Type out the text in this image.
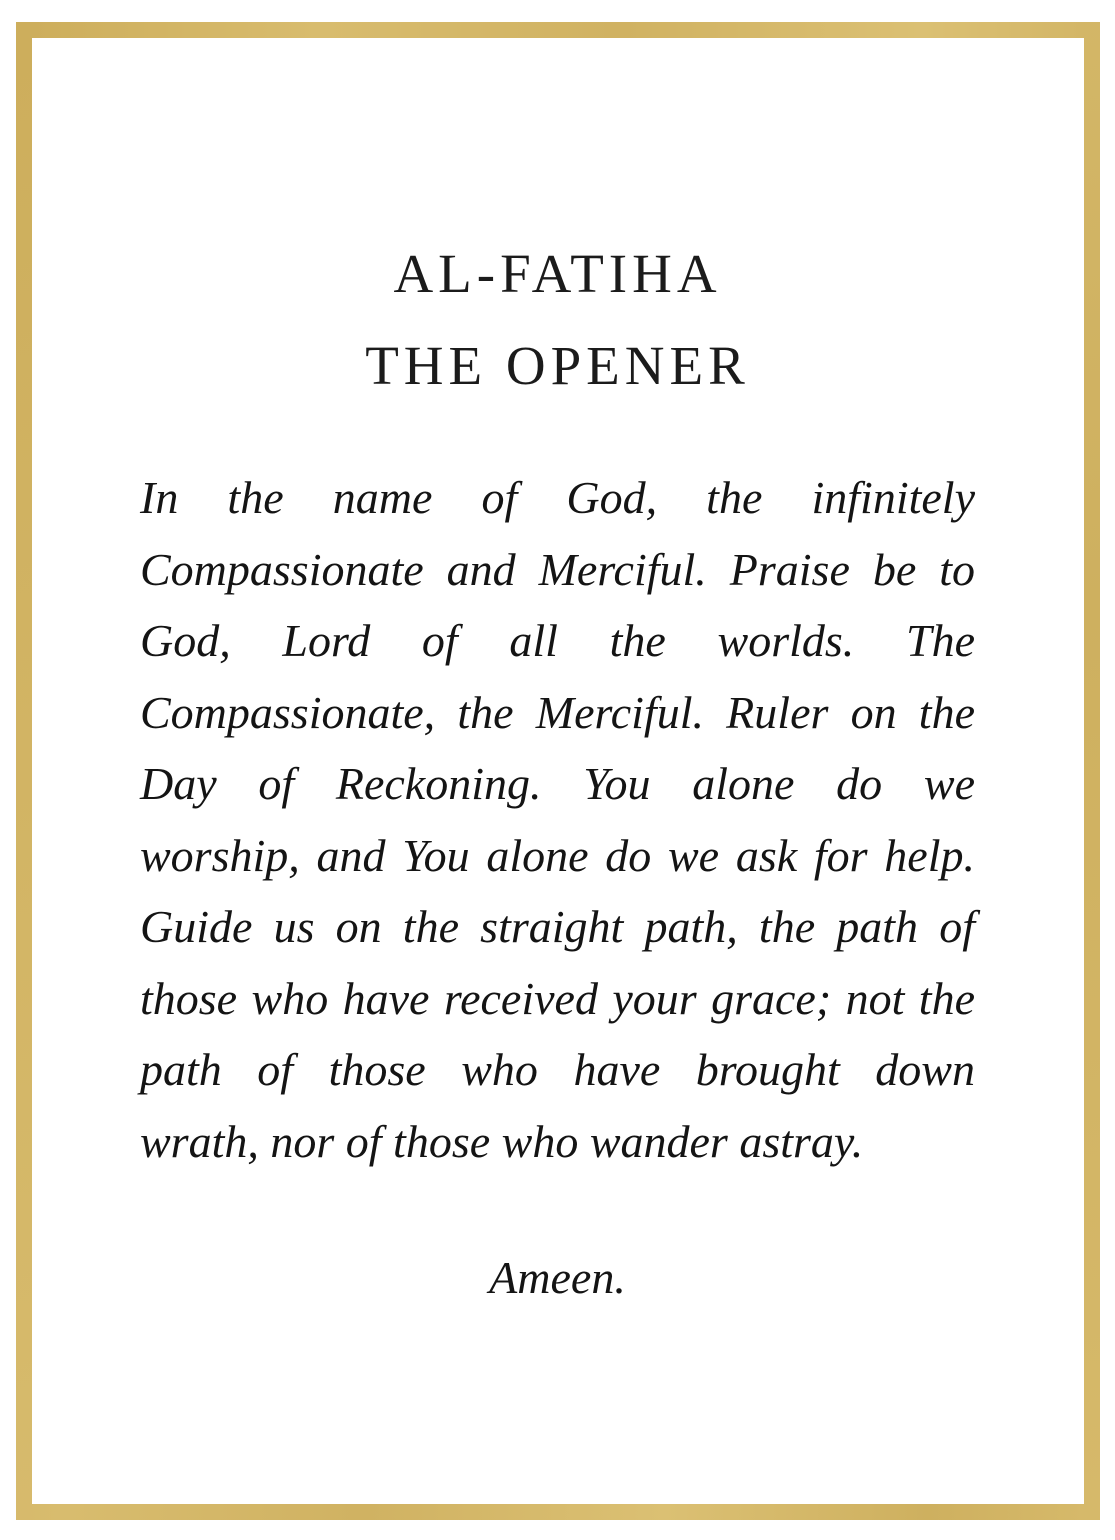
AL-FATIHA
THE OPENER
In the name of God, the infinitely
Compassionate and Merciful. Praise be to
God, Lord of all the worlds. The
Compassionate, the Merciful. Ruler on the
Day of Reckoning. You alone do we
worship, and You alone do we ask for help.
Guide us on the straight path, the path of
those who have received your grace; not the
path of those who have brought down
wrath, nor of those who wander astray.
Ameen.
